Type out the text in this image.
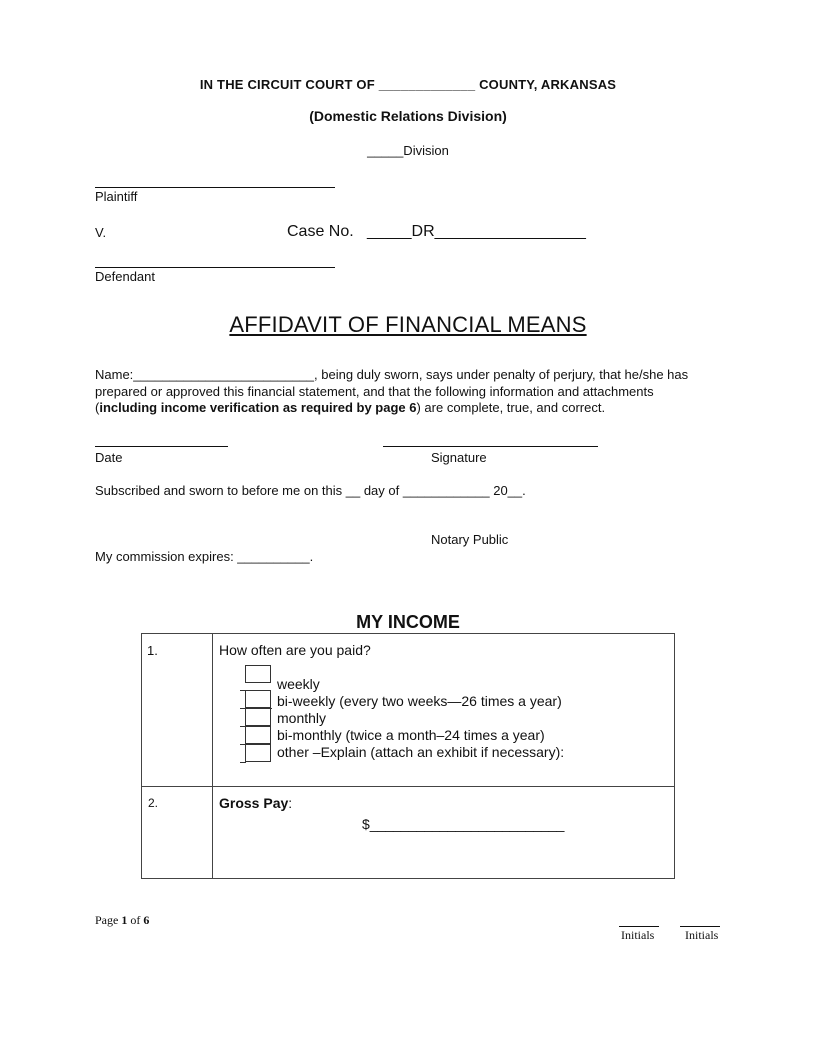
IN THE CIRCUIT COURT OF _____________ COUNTY, ARKANSAS
(Domestic Relations Division)
_____Division
Plaintiff
V.	Case No.   _____DR_________________
Defendant
AFFIDAVIT OF FINANCIAL MEANS
Name:_________________________, being duly sworn, says under penalty of perjury, that he/she has
prepared or approved this financial statement, and that the following information and attachments
(including income verification as required by page 6) are complete, true, and correct.
Date	Signature
Subscribed and sworn to before me on this __ day of ____________ 20__.
Notary Public
My commission expires: __________.
MY INCOME
1.	How often are you paid?
weekly
bi-weekly (every two weeks—26 times a year)
monthly
bi-monthly (twice a month–24 times a year)
other –Explain (attach an exhibit if necessary):
2.	Gross Pay:
$_________________________
Page 1 of 6
Initials	Initials
